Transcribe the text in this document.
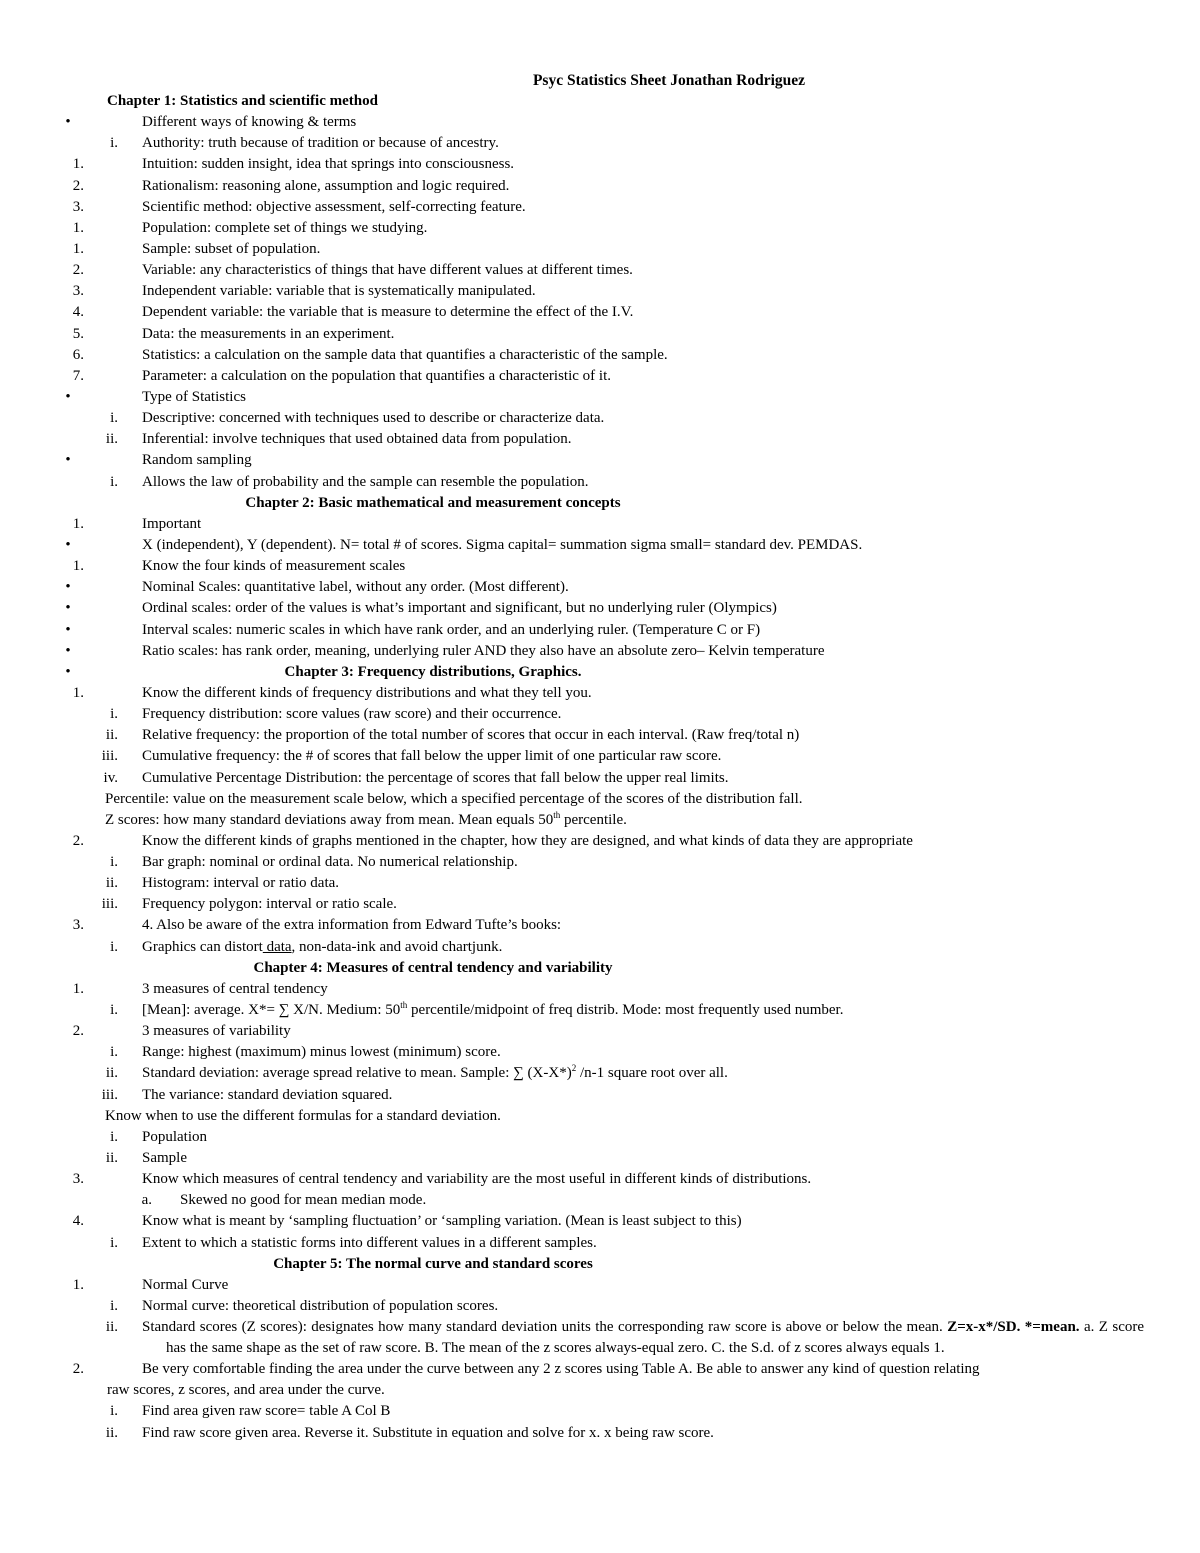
Psyc Statistics Sheet Jonathan Rodriguez
Chapter 1: Statistics and scientific method
•	Different ways of knowing & terms
i. Authority: truth because of tradition or because of ancestry.
1.	Intuition: sudden insight, idea that springs into consciousness.
2.	Rationalism: reasoning alone, assumption and logic required.
3.	Scientific method: objective assessment, self-correcting feature.
1.	Population: complete set of things we studying.
1.	Sample: subset of population.
2.	Variable: any characteristics of things that have different values at different times.
3.	Independent variable: variable that is systematically manipulated.
4.	Dependent variable: the variable that is measure to determine the effect of the I.V.
5.	Data: the measurements in an experiment.
6.	Statistics: a calculation on the sample data that quantifies a characteristic of the sample.
7.	Parameter: a calculation on the population that quantifies a characteristic of it.
•	Type of Statistics
i. Descriptive: concerned with techniques used to describe or characterize data.
ii. Inferential: involve techniques that used obtained data from population.
•	Random sampling
i. Allows the law of probability and the sample can resemble the population.
Chapter 2: Basic mathematical and measurement concepts
1.	Important
•	X (independent), Y (dependent). N= total # of scores. Sigma capital= summation sigma small= standard dev. PEMDAS.
1.	Know the four kinds of measurement scales
•	Nominal Scales: quantitative label, without any order. (Most different).
•	Ordinal scales: order of the values is what’s important and significant, but no underlying ruler (Olympics)
•	Interval scales: numeric scales in which have rank order, and an underlying ruler. (Temperature C or F)
•	Ratio scales: has rank order, meaning, underlying ruler AND they also have an absolute zero– Kelvin temperature
•	Chapter 3: Frequency distributions, Graphics.
1.	Know the different kinds of frequency distributions and what they tell you.
i. Frequency distribution: score values (raw score) and their occurrence.
ii. Relative frequency: the proportion of the total number of scores that occur in each interval. (Raw freq/total n)
iii. Cumulative frequency: the # of scores that fall below the upper limit of one particular raw score.
iv. Cumulative Percentage Distribution: the percentage of scores that fall below the upper real limits.
Percentile: value on the measurement scale below, which a specified percentage of the scores of the distribution fall.
Z scores: how many standard deviations away from mean. Mean equals 50th percentile.
2.	Know the different kinds of graphs mentioned in the chapter, how they are designed, and what kinds of data they are appropriate
i. Bar graph: nominal or ordinal data. No numerical relationship.
ii. Histogram: interval or ratio data.
iii. Frequency polygon: interval or ratio scale.
3.	4. Also be aware of the extra information from Edward Tufte’s books:
i. Graphics can distort data, non-data-ink and avoid chartjunk.
Chapter 4: Measures of central tendency and variability
1.	3 measures of central tendency
i. [Mean]: average. X*= ∑ X/N. Medium: 50th percentile/midpoint of freq distrib. Mode: most frequently used number.
2.	3 measures of variability
i. Range: highest (maximum) minus lowest (minimum) score.
ii. Standard deviation: average spread relative to mean. Sample: ∑ $(X-X*)^2$ /n-1 square root over all.
iii. The variance: standard deviation squared.
Know when to use the different formulas for a standard deviation.
i. Population
ii. Sample
3.	Know which measures of central tendency and variability are the most useful in different kinds of distributions.
a. Skewed no good for mean median mode.
4.	Know what is meant by ‘sampling fluctuation’ or ‘sampling variation. (Mean is least subject to this)
i. Extent to which a statistic forms into different values in a different samples.
Chapter 5: The normal curve and standard scores
1.	Normal Curve
i. Normal curve: theoretical distribution of population scores.
ii. Standard scores (Z scores): designates how many standard deviation units the corresponding raw score is above or below the mean. Z=x-x*/SD. *=mean. a. Z score has the same shape as the set of raw score. B. The mean of the z scores always-equal zero. C. the S.d. of z scores always equals 1.
2.	Be very comfortable finding the area under the curve between any 2 z scores using Table A. Be able to answer any kind of question relating
raw scores, z scores, and area under the curve.
i. Find area given raw score= table A Col B
ii. Find raw score given area. Reverse it. Substitute in equation and solve for x. x being raw score.
